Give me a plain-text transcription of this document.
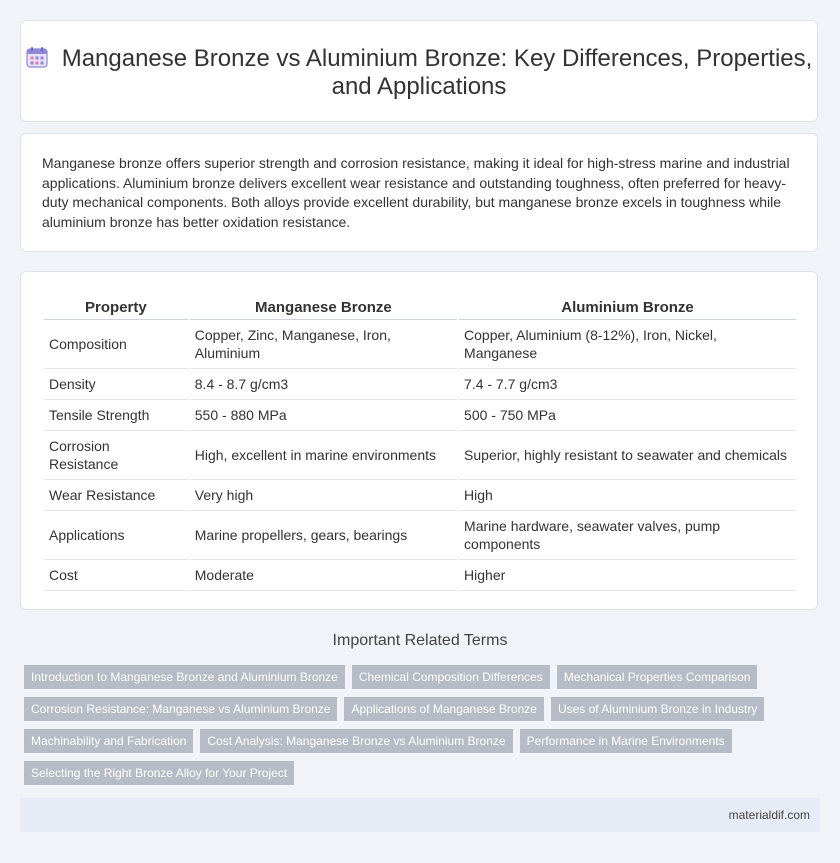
Manganese Bronze vs Aluminium Bronze: Key Differences, Properties, and Applications

Manganese bronze offers superior strength and corrosion resistance, making it ideal for high-stress marine and industrial applications. Aluminium bronze delivers excellent wear resistance and outstanding toughness, often preferred for heavy-duty mechanical components. Both alloys provide excellent durability, but manganese bronze excels in toughness while aluminium bronze has better oxidation resistance.

Property	Manganese Bronze	Aluminium Bronze
Composition	Copper, Zinc, Manganese, Iron, Aluminium	Copper, Aluminium (8-12%), Iron, Nickel, Manganese
Density	8.4 - 8.7 g/cm3	7.4 - 7.7 g/cm3
Tensile Strength	550 - 880 MPa	500 - 750 MPa
Corrosion Resistance	High, excellent in marine environments	Superior, highly resistant to seawater and chemicals
Wear Resistance	Very high	High
Applications	Marine propellers, gears, bearings	Marine hardware, seawater valves, pump components
Cost	Moderate	Higher
Important Related Terms
Introduction to Manganese Bronze and Aluminium Bronze	Chemical Composition Differences	Mechanical Properties Comparison
Corrosion Resistance: Manganese vs Aluminium Bronze	Applications of Manganese Bronze	Uses of Aluminium Bronze in Industry
Machinability and Fabrication	Cost Analysis: Manganese Bronze vs Aluminium Bronze	Performance in Marine Environments
Selecting the Right Bronze Alloy for Your Project
materialdif.com
